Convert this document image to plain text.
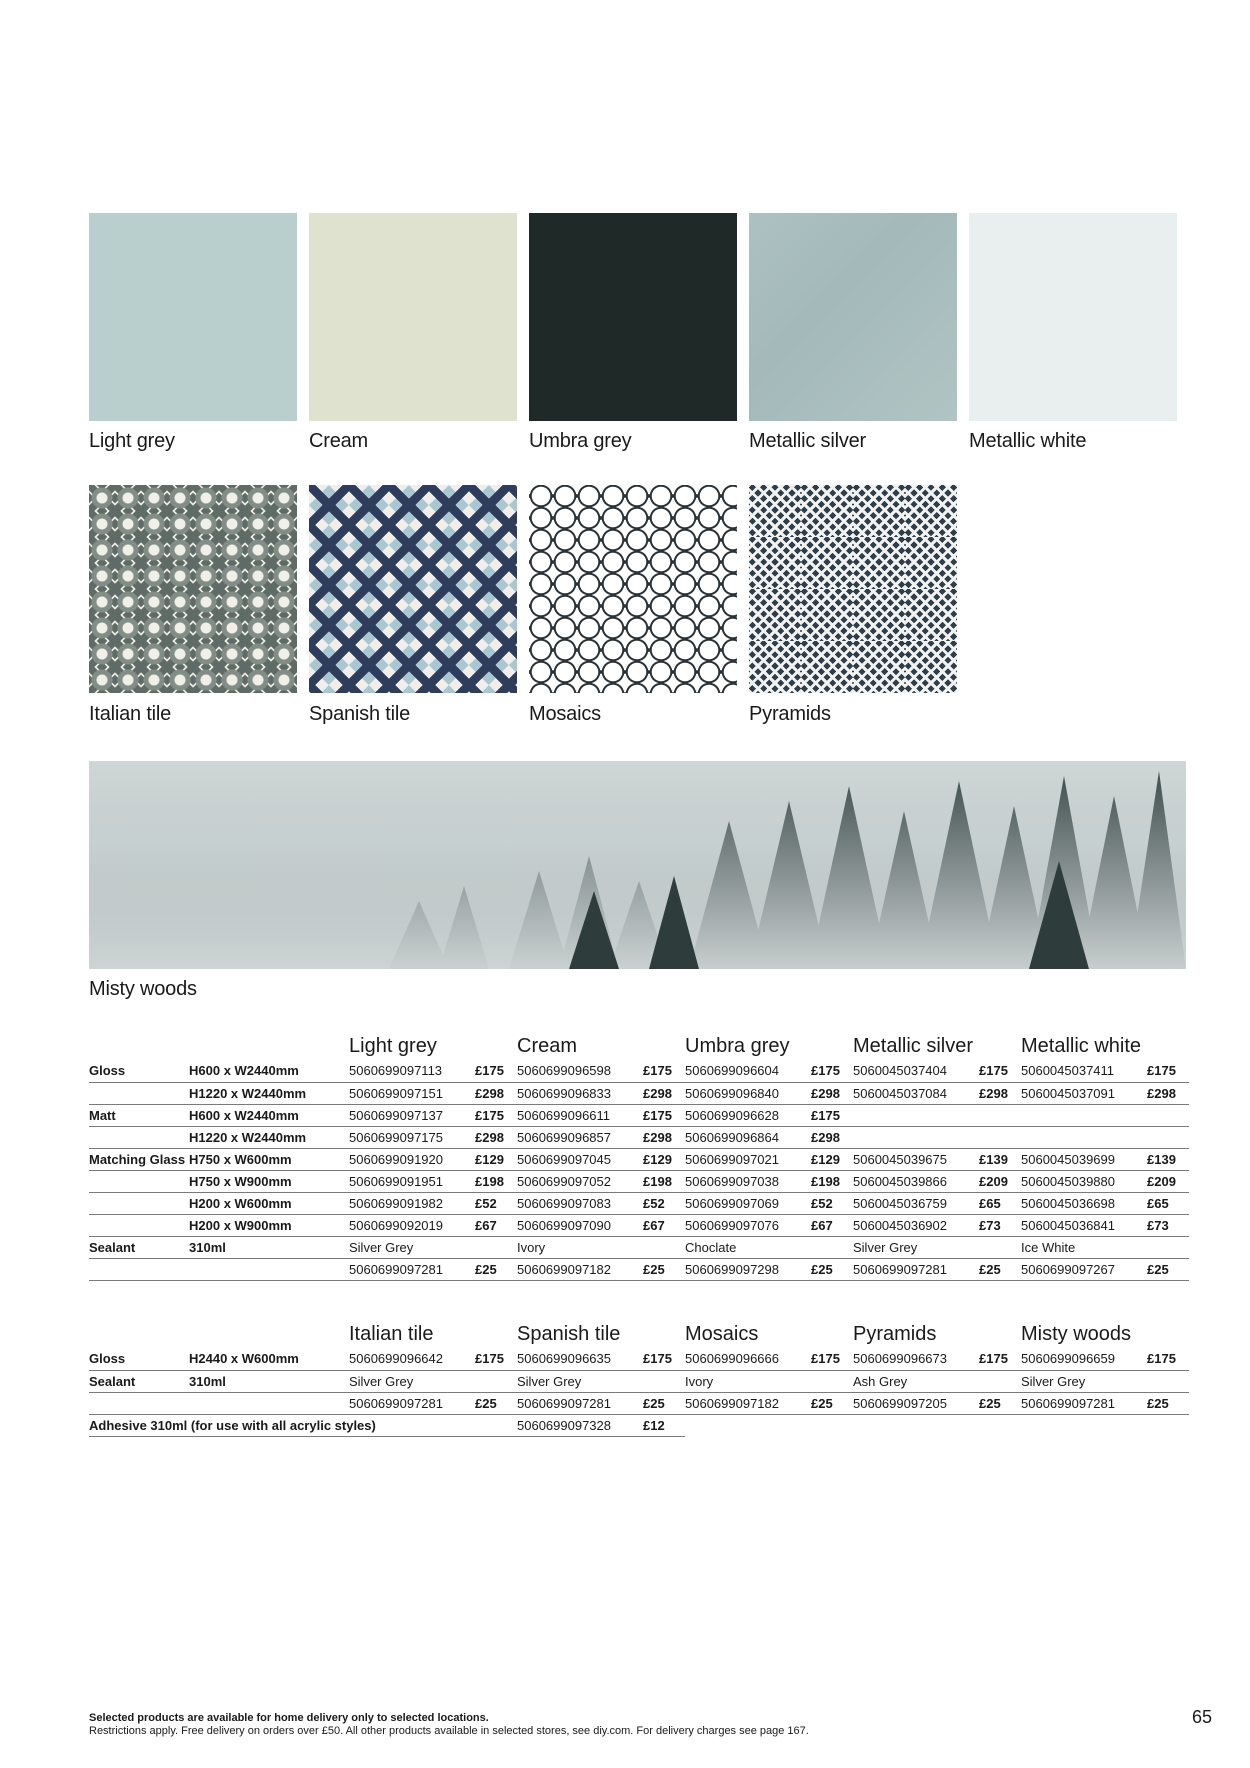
Light grey	Cream	Umbra grey	Metallic silver	Metallic white
Italian tile	Spanish tile	Mosaics	Pyramids
Misty woods
		Light grey		Cream		Umbra grey		Metallic silver		Metallic white	
Gloss	H600 x W2440mm	5060699097113	£175	5060699096598	£175	5060699096604	£175	5060045037404	£175	5060045037411	£175
	H1220 x W2440mm	5060699097151	£298	5060699096833	£298	5060699096840	£298	5060045037084	£298	5060045037091	£298
Matt	H600 x W2440mm	5060699097137	£175	5060699096611	£175	5060699096628	£175				
	H1220 x W2440mm	5060699097175	£298	5060699096857	£298	5060699096864	£298				
Matching Glass	H750 x W600mm	5060699091920	£129	5060699097045	£129	5060699097021	£129	5060045039675	£139	5060045039699	£139
	H750 x W900mm	5060699091951	£198	5060699097052	£198	5060699097038	£198	5060045039866	£209	5060045039880	£209
	H200 x W600mm	5060699091982	£52	5060699097083	£52	5060699097069	£52	5060045036759	£65	5060045036698	£65
	H200 x W900mm	5060699092019	£67	5060699097090	£67	5060699097076	£67	5060045036902	£73	5060045036841	£73
Sealant	310ml	Silver Grey		Ivory		Choclate		Silver Grey		Ice White	
		5060699097281	£25	5060699097182	£25	5060699097298	£25	5060699097281	£25	5060699097267	£25
		Italian tile		Spanish tile		Mosaics		Pyramids		Misty woods	
Gloss	H2440 x W600mm	5060699096642	£175	5060699096635	£175	5060699096666	£175	5060699096673	£175	5060699096659	£175
Sealant	310ml	Silver Grey		Silver Grey		Ivory		Ash Grey		Silver Grey	
		5060699097281	£25	5060699097281	£25	5060699097182	£25	5060699097205	£25	5060699097281	£25
Adhesive 310ml (for use with all acrylic styles)				5060699097328	£12						
Selected products are available for home delivery only to selected locations.
Restrictions apply. Free delivery on orders over £50. All other products available in selected stores, see diy.com. For delivery charges see page 167.
65
